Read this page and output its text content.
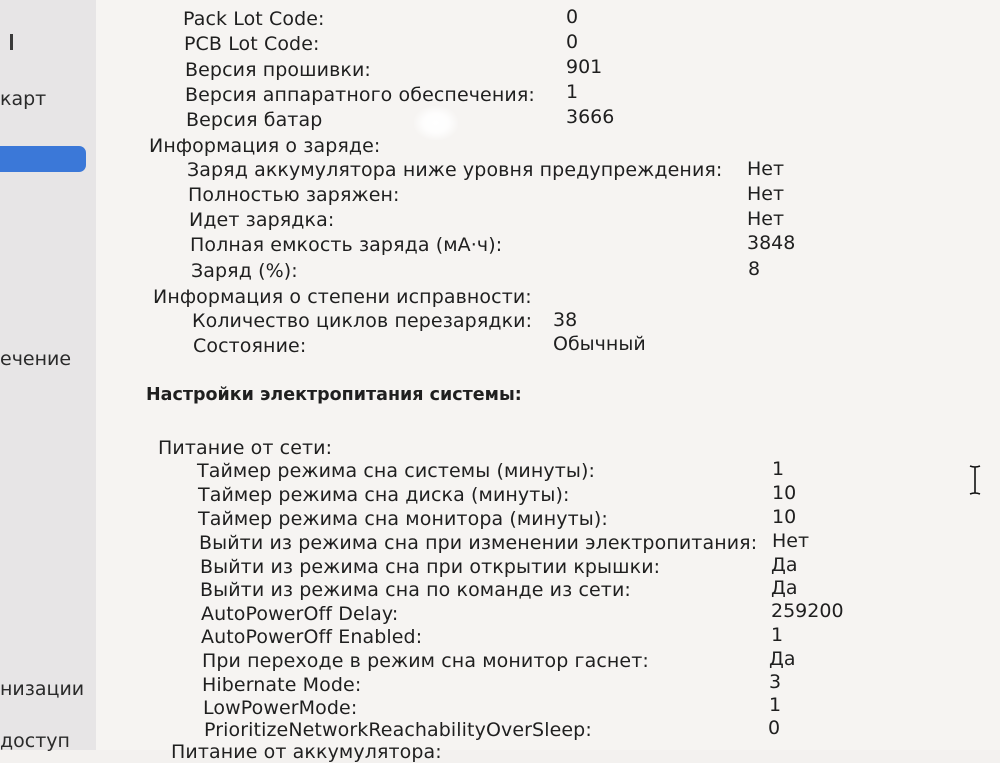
карт
ечение
низации
доступ
Pack Lot Code:	0
PCB Lot Code:	0
Версия прошивки:	901
Версия аппаратного обеспечения: 1
Версия батар	3666
Информация о заряде:
Заряд аккумулятора ниже уровня предупреждения: Нет
Полностью заряжен:	Нет
Идет зарядка:	Нет
Полная емкость заряда (мА·ч):	3848
Заряд (%):	8
Информация о степени исправности:
Количество циклов перезарядки: 38
Состояние:	Обычный
Настройки электропитания системы:
Питание от сети:
Таймер режима сна системы (минуты):	1
Таймер режима сна диска (минуты):	10
Таймер режима сна монитора (минуты):	10
Выйти из режима сна при изменении электропитания: Нет
Выйти из режима сна при открытии крышки:	Да
Выйти из режима сна по команде из сети:	Да
AutoPowerOff Delay:	259200
AutoPowerOff Enabled:	1
При переходе в режим сна монитор гаснет:	Да
Hibernate Mode:	3
LowPowerMode:	1
PrioritizeNetworkReachabilityOverSleep:	0
Питание от аккумулятора:
